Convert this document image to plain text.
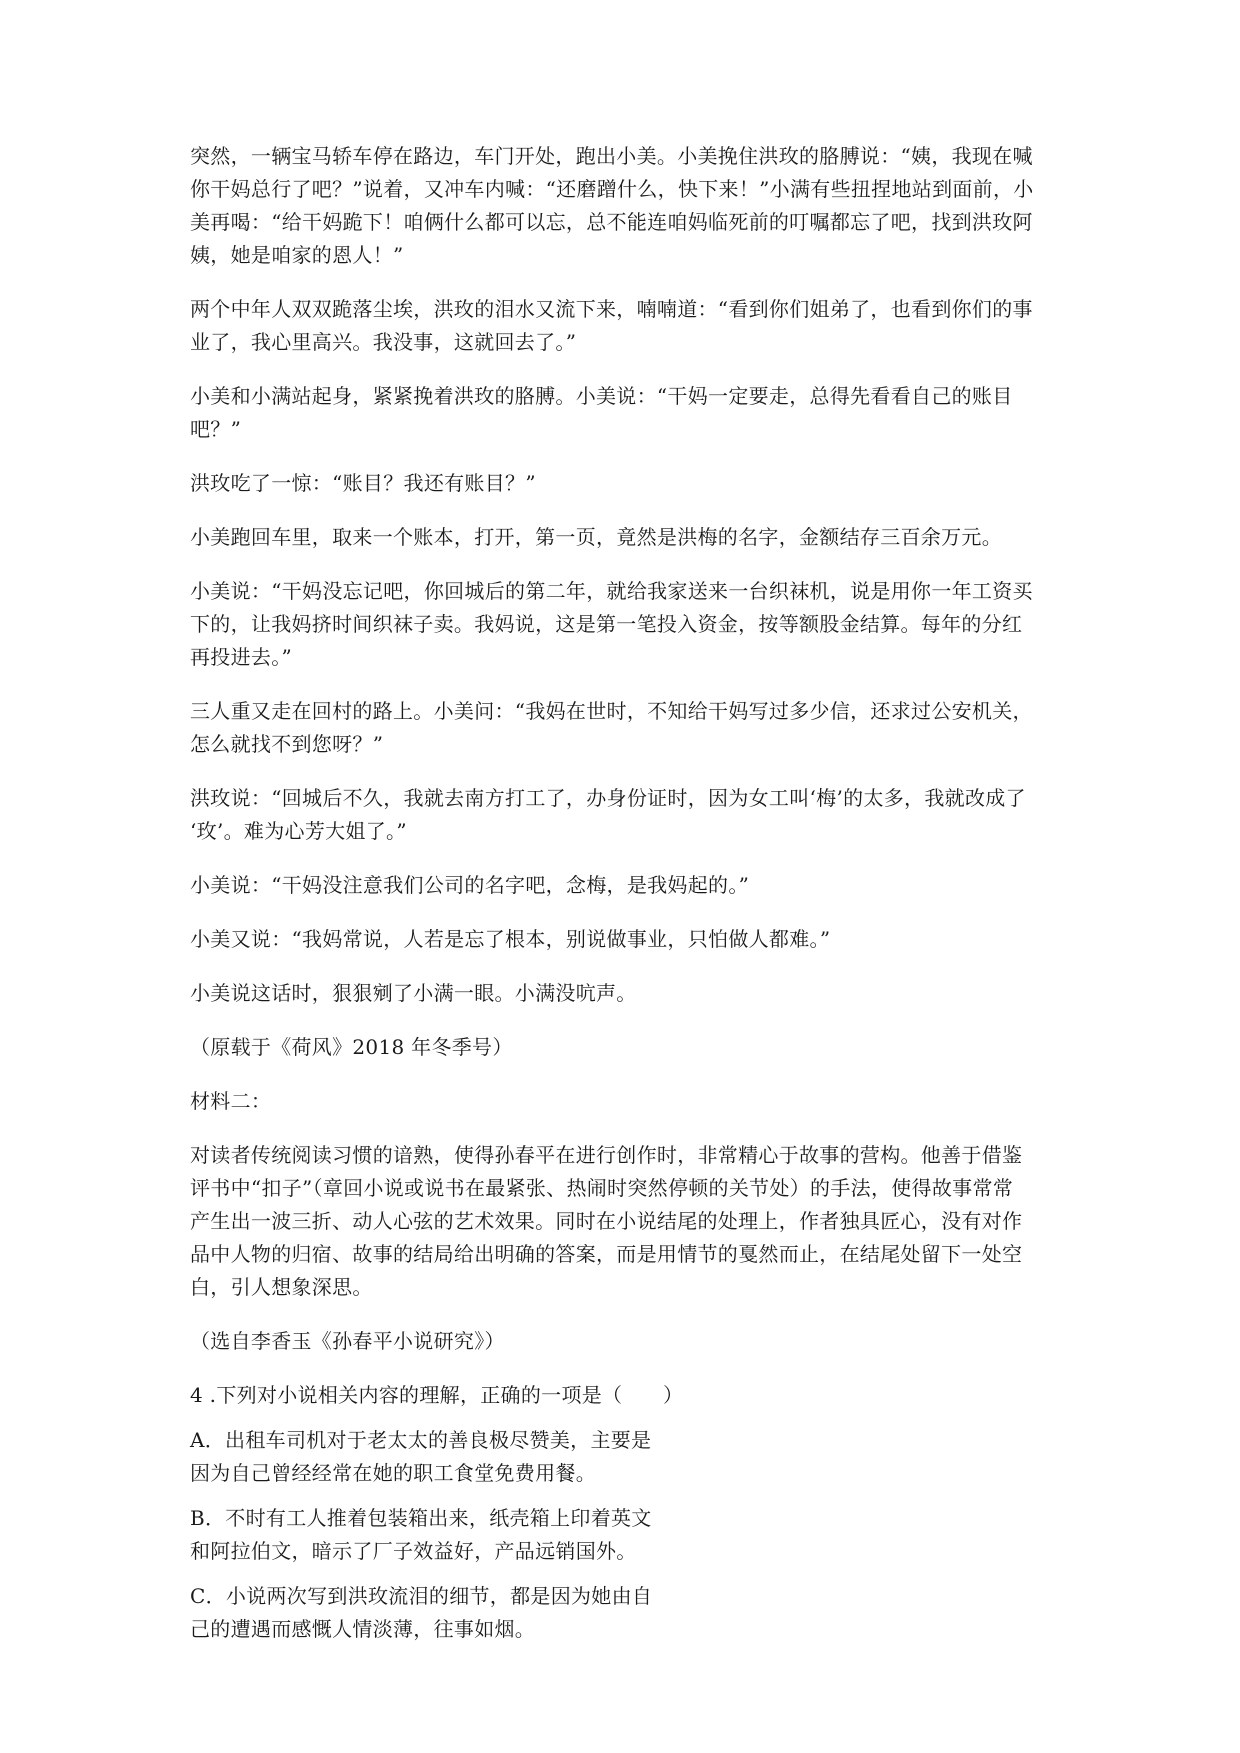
突然，一辆宝马轿车停在路边，车门开处，跑出小美。小美挽住洪玫的胳膊说：“姨，我现在喊
你干妈总行了吧？”说着，又冲车内喊：“还磨蹭什么，快下来！”小满有些扭捏地站到面前，小
美再喝：“给干妈跪下！咱俩什么都可以忘，总不能连咱妈临死前的叮嘱都忘了吧，找到洪玫阿
姨，她是咱家的恩人！”

两个中年人双双跪落尘埃，洪玫的泪水又流下来，喃喃道：“看到你们姐弟了，也看到你们的事
业了，我心里高兴。我没事，这就回去了。”

小美和小满站起身，紧紧挽着洪玫的胳膊。小美说：“干妈一定要走，总得先看看自己的账目
吧？”

洪玫吃了一惊：“账目？我还有账目？”

小美跑回车里，取来一个账本，打开，第一页，竟然是洪梅的名字，金额结存三百余万元。

小美说：“干妈没忘记吧，你回城后的第二年，就给我家送来一台织袜机，说是用你一年工资买
下的，让我妈挤时间织袜子卖。我妈说，这是第一笔投入资金，按等额股金结算。每年的分红
再投进去。”

三人重又走在回村的路上。小美问：“我妈在世时，不知给干妈写过多少信，还求过公安机关，
怎么就找不到您呀？”

洪玫说：“回城后不久，我就去南方打工了，办身份证时，因为女工叫‘梅’的太多，我就改成了
‘玫’。难为心芳大姐了。”

小美说：“干妈没注意我们公司的名字吧，念梅，是我妈起的。”

小美又说：“我妈常说，人若是忘了根本，别说做事业，只怕做人都难。”

小美说这话时，狠狠剜了小满一眼。小满没吭声。

（原载于《荷风》2018 年冬季号）

材料二：

对读者传统阅读习惯的谙熟，使得孙春平在进行创作时，非常精心于故事的营构。他善于借鉴
评书中“扣子”（章回小说或说书在最紧张、热闹时突然停顿的关节处）的手法，使得故事常常
产生出一波三折、动人心弦的艺术效果。同时在小说结尾的处理上，作者独具匠心，没有对作
品中人物的归宿、故事的结局给出明确的答案，而是用情节的戛然而止，在结尾处留下一处空
白，引人想象深思。

（选自李香玉《孙春平小说研究》）

4 .下列对小说相关内容的理解，正确的一项是（　　）

A．出租车司机对于老太太的善良极尽赞美，主要是
因为自己曾经经常在她的职工食堂免费用餐。

B．不时有工人推着包装箱出来，纸壳箱上印着英文
和阿拉伯文，暗示了厂子效益好，产品远销国外。

C．小说两次写到洪玫流泪的细节，都是因为她由自
己的遭遇而感慨人情淡薄，往事如烟。
